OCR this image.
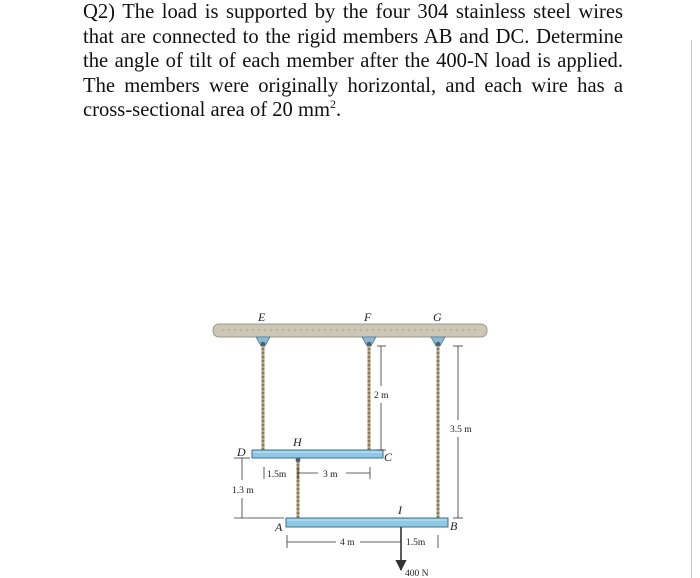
Q2) The load is supported by the four 304 stainless steel wires that are connected to the rigid members AB and DC. Determine the angle of tilt of each member after the 400-N load is applied. The members were originally horizontal, and each wire has a cross-sectional area of 20 $mm^2$.

E	F	G
H
D	C
A	B
I
2 m
3.5 m
1.5m	3 m
1.3 m
4 m	1.5m
400 N
